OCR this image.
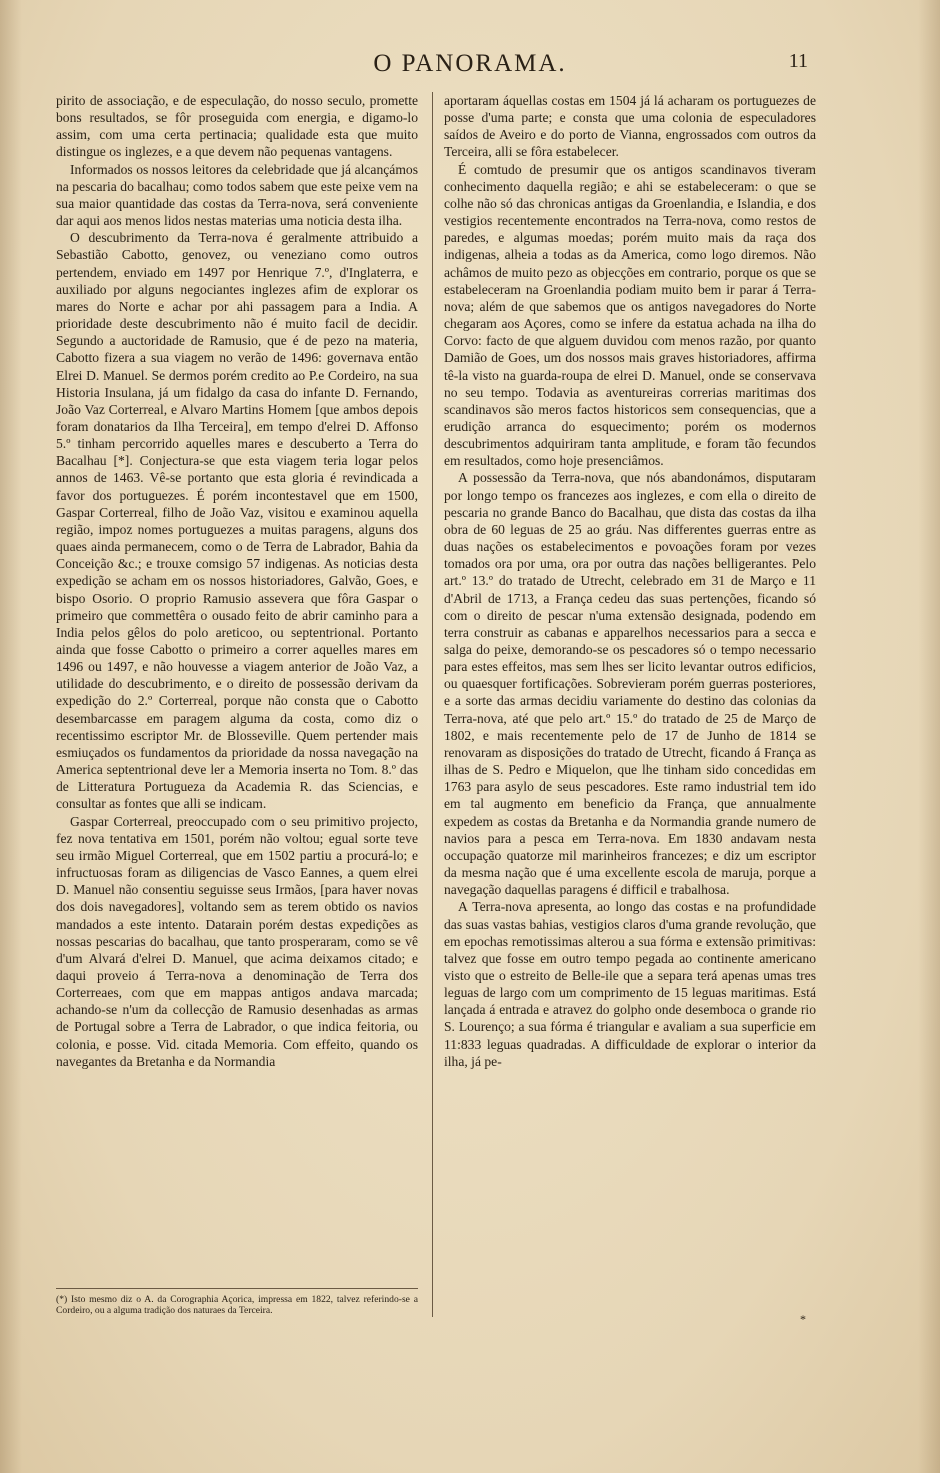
O PANORAMA.	11

pirito de associação, e de especulação, do nosso seculo, promette bons resultados, se fôr proseguida com energia, e digamo-lo assim, com uma certa pertinacia; qualidade esta que muito distingue os inglezes, e a que devem não pequenas vantagens.

Informados os nossos leitores da celebridade que já alcançámos na pescaria do bacalhau; como todos sabem que este peixe vem na sua maior quantidade das costas da Terra-nova, será conveniente dar aqui aos menos lidos nestas materias uma noticia desta ilha.

O descubrimento da Terra-nova é geralmente attribuido a Sebastião Cabotto, genovez, ou veneziano como outros pertendem, enviado em 1497 por Henrique 7.º, d'Inglaterra, e auxiliado por alguns negociantes inglezes afim de explorar os mares do Norte e achar por ahi passagem para a India. A prioridade deste descubrimento não é muito facil de decidir. Segundo a auctoridade de Ramusio, que é de pezo na materia, Cabotto fizera a sua viagem no verão de 1496: governava então Elrei D. Manuel. Se dermos porém credito ao P.e Cordeiro, na sua Historia Insulana, já um fidalgo da casa do infante D. Fernando, João Vaz Corterreal, e Alvaro Martins Homem [que ambos depois foram donatarios da Ilha Terceira], em tempo d'elrei D. Affonso 5.º tinham percorrido aquelles mares e descuberto a Terra do Bacalhau [*]. Conjectura-se que esta viagem teria logar pelos annos de 1463. Vê-se portanto que esta gloria é revindicada a favor dos portuguezes. É porém incontestavel que em 1500, Gaspar Corterreal, filho de João Vaz, visitou e examinou aquella região, impoz nomes portuguezes a muitas paragens, alguns dos quaes ainda permanecem, como o de Terra de Labrador, Bahia da Conceição &c.; e trouxe comsigo 57 indigenas. As noticias desta expedição se acham em os nossos historiadores, Galvão, Goes, e bispo Osorio. O proprio Ramusio assevera que fôra Gaspar o primeiro que commettêra o ousado feito de abrir caminho para a India pelos gêlos do polo areticoo, ou septentrional. Portanto ainda que fosse Cabotto o primeiro a correr aquelles mares em 1496 ou 1497, e não houvesse a viagem anterior de João Vaz, a utilidade do descubrimento, e o direito de possessão derivam da expedição do 2.º Corterreal, porque não consta que o Cabotto desembarcasse em paragem alguma da costa, como diz o recentissimo escriptor Mr. de Blosseville. Quem pertender mais esmiuçados os fundamentos da prioridade da nossa navegação na America septentrional deve ler a Memoria inserta no Tom. 8.º das de Litteratura Portugueza da Academia R. das Sciencias, e consultar as fontes que alli se indicam.

Gaspar Corterreal, preoccupado com o seu primitivo projecto, fez nova tentativa em 1501, porém não voltou; egual sorte teve seu irmão Miguel Corterreal, que em 1502 partiu a procurá-lo; e infructuosas foram as diligencias de Vasco Eannes, a quem elrei D. Manuel não consentiu seguisse seus Irmãos, [para haver novas dos dois navegadores], voltando sem as terem obtido os navios mandados a este intento. Datarain porém destas expedições as nossas pescarias do bacalhau, que tanto prosperaram, como se vê d'um Alvará d'elrei D. Manuel, que acima deixamos citado; e daqui proveio á Terra-nova a denominação de Terra dos Corterreaes, com que em mappas antigos andava marcada; achando-se n'um da collecção de Ramusio desenhadas as armas de Portugal sobre a Terra de Labrador, o que indica feitoria, ou colonia, e posse. Vid. citada Memoria. Com effeito, quando os navegantes da Bretanha e da Normandia

(*) Isto mesmo diz o A. da Corographia Açorica, impressa em 1822, talvez referindo-se a Cordeiro, ou a alguma tradição dos naturaes da Terceira.

aportaram áquellas costas em 1504 já lá acharam os portuguezes de posse d'uma parte; e consta que uma colonia de especuladores saídos de Aveiro e do porto de Vianna, engrossados com outros da Terceira, alli se fôra estabelecer.

É comtudo de presumir que os antigos scandinavos tiveram conhecimento daquella região; e ahi se estabeleceram: o que se colhe não só das chronicas antigas da Groenlandia, e Islandia, e dos vestigios recentemente encontrados na Terra-nova, como restos de paredes, e algumas moedas; porém muito mais da raça dos indigenas, alheia a todas as da America, como logo diremos. Não achâmos de muito pezo as objecções em contrario, porque os que se estabeleceram na Groenlandia podiam muito bem ir parar á Terra-nova; além de que sabemos que os antigos navegadores do Norte chegaram aos Açores, como se infere da estatua achada na ilha do Corvo: facto de que alguem duvidou com menos razão, por quanto Damião de Goes, um dos nossos mais graves historiadores, affirma tê-la visto na guarda-roupa de elrei D. Manuel, onde se conservava no seu tempo. Todavia as aventureiras correrias maritimas dos scandinavos são meros factos historicos sem consequencias, que a erudição arranca do esquecimento; porém os modernos descubrimentos adquiriram tanta amplitude, e foram tão fecundos em resultados, como hoje presenciâmos.

A possessão da Terra-nova, que nós abandonámos, disputaram por longo tempo os francezes aos inglezes, e com ella o direito de pescaria no grande Banco do Bacalhau, que dista das costas da ilha obra de 60 leguas de 25 ao gráu. Nas differentes guerras entre as duas nações os estabelecimentos e povoações foram por vezes tomados ora por uma, ora por outra das nações belligerantes. Pelo art.º 13.º do tratado de Utrecht, celebrado em 31 de Março e 11 d'Abril de 1713, a França cedeu das suas pertenções, ficando só com o direito de pescar n'uma extensão designada, podendo em terra construir as cabanas e apparelhos necessarios para a secca e salga do peixe, demorando-se os pescadores só o tempo necessario para estes effeitos, mas sem lhes ser licito levantar outros edificios, ou quaesquer fortificações. Sobrevieram porém guerras posteriores, e a sorte das armas decidiu variamente do destino das colonias da Terra-nova, até que pelo art.º 15.º do tratado de 25 de Março de 1802, e mais recentemente pelo de 17 de Junho de 1814 se renovaram as disposições do tratado de Utrecht, ficando á França as ilhas de S. Pedro e Miquelon, que lhe tinham sido concedidas em 1763 para asylo de seus pescadores. Este ramo industrial tem ido em tal augmento em beneficio da França, que annualmente expedem as costas da Bretanha e da Normandia grande numero de navios para a pesca em Terra-nova. Em 1830 andavam nesta occupação quatorze mil marinheiros francezes; e diz um escriptor da mesma nação que é uma excellente escola de maruja, porque a navegação daquellas paragens é difficil e trabalhosa.

A Terra-nova apresenta, ao longo das costas e na profundidade das suas vastas bahias, vestigios claros d'uma grande revolução, que em epochas remotissimas alterou a sua fórma e extensão primitivas: talvez que fosse em outro tempo pegada ao continente americano visto que o estreito de Belle-ile que a separa terá apenas umas tres leguas de largo com um comprimento de 15 leguas maritimas. Está lançada á entrada e atravez do golpho onde desemboca o grande rio S. Lourenço; a sua fórma é triangular e avaliam a sua superficie em 11:833 leguas quadradas. A difficuldade de explorar o interior da ilha, já pe-

*
